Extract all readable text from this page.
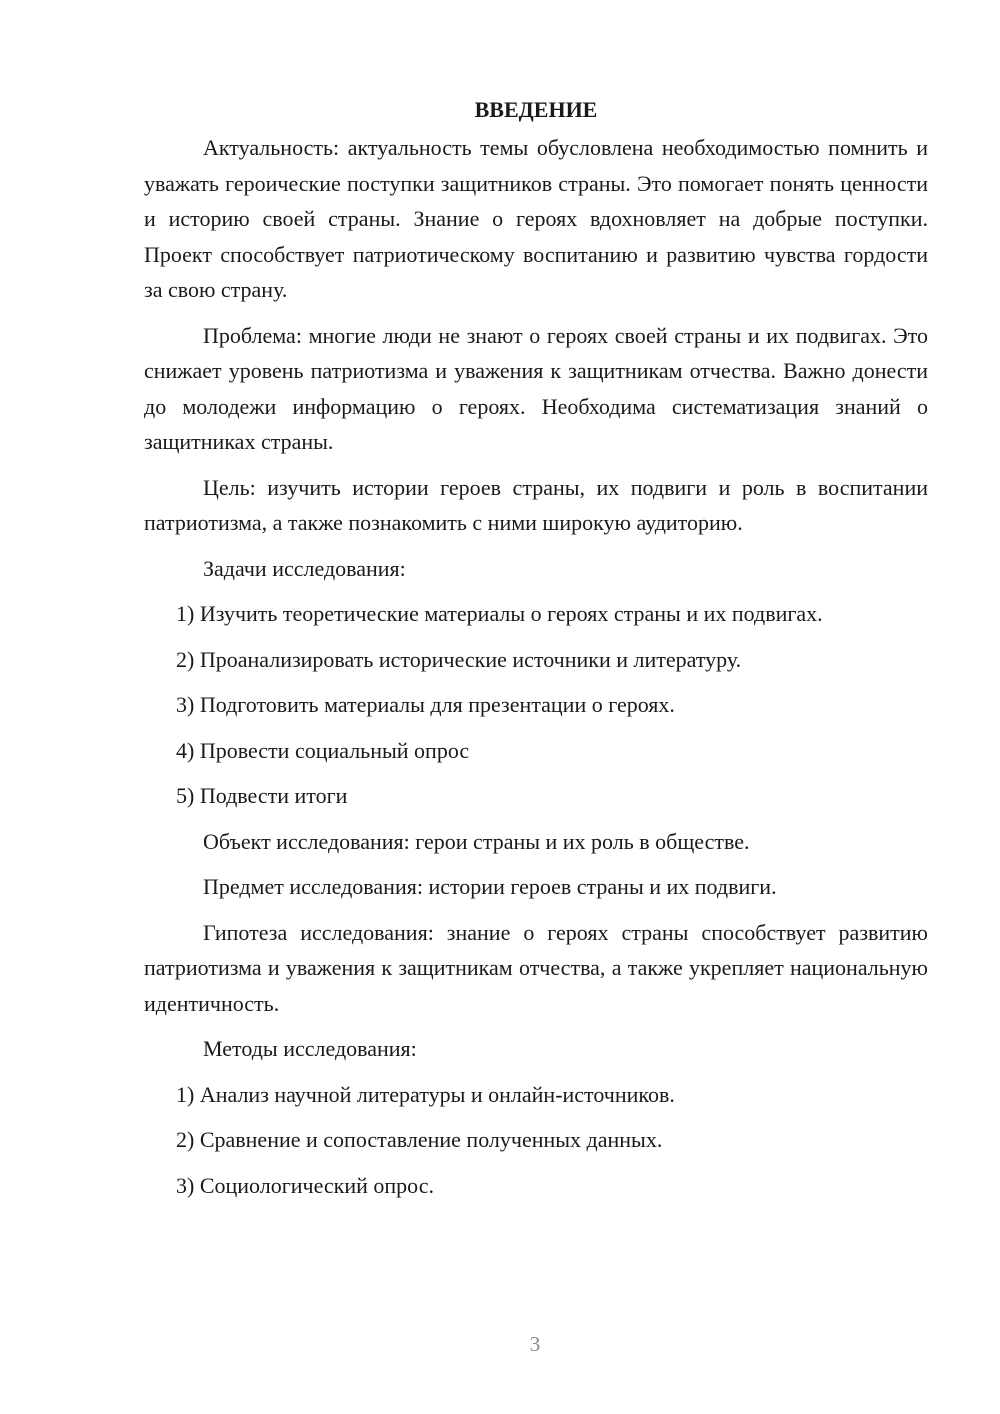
ВВЕДЕНИЕ

Актуальность: актуальность темы обусловлена необходимостью помнить и уважать героические поступки защитников страны. Это помогает понять ценности и историю своей страны. Знание о героях вдохновляет на добрые поступки. Проект способствует патриотическому воспитанию и развитию чувства гордости за свою страну.

Проблема: многие люди не знают о героях своей страны и их подвигах. Это снижает уровень патриотизма и уважения к защитникам отчества. Важно донести до молодежи информацию о героях. Необходима систематизация знаний о защитниках страны.

Цель: изучить истории героев страны, их подвиги и роль в воспитании патриотизма, а также познакомить с ними широкую аудиторию.

Задачи исследования:
1) Изучить теоретические материалы о героях страны и их подвигах.
2) Проанализировать исторические источники и литературу.
3) Подготовить материалы для презентации о героях.
4) Провести социальный опрос
5) Подвести итоги
Объект исследования: герои страны и их роль в обществе.
Предмет исследования: истории героев страны и их подвиги.

Гипотеза исследования: знание о героях страны способствует развитию патриотизма и уважения к защитникам отчества, а также укрепляет национальную идентичность.

Методы исследования:
1) Анализ научной литературы и онлайн-источников.
2) Сравнение и сопоставление полученных данных.
3) Социологический опрос.
3
